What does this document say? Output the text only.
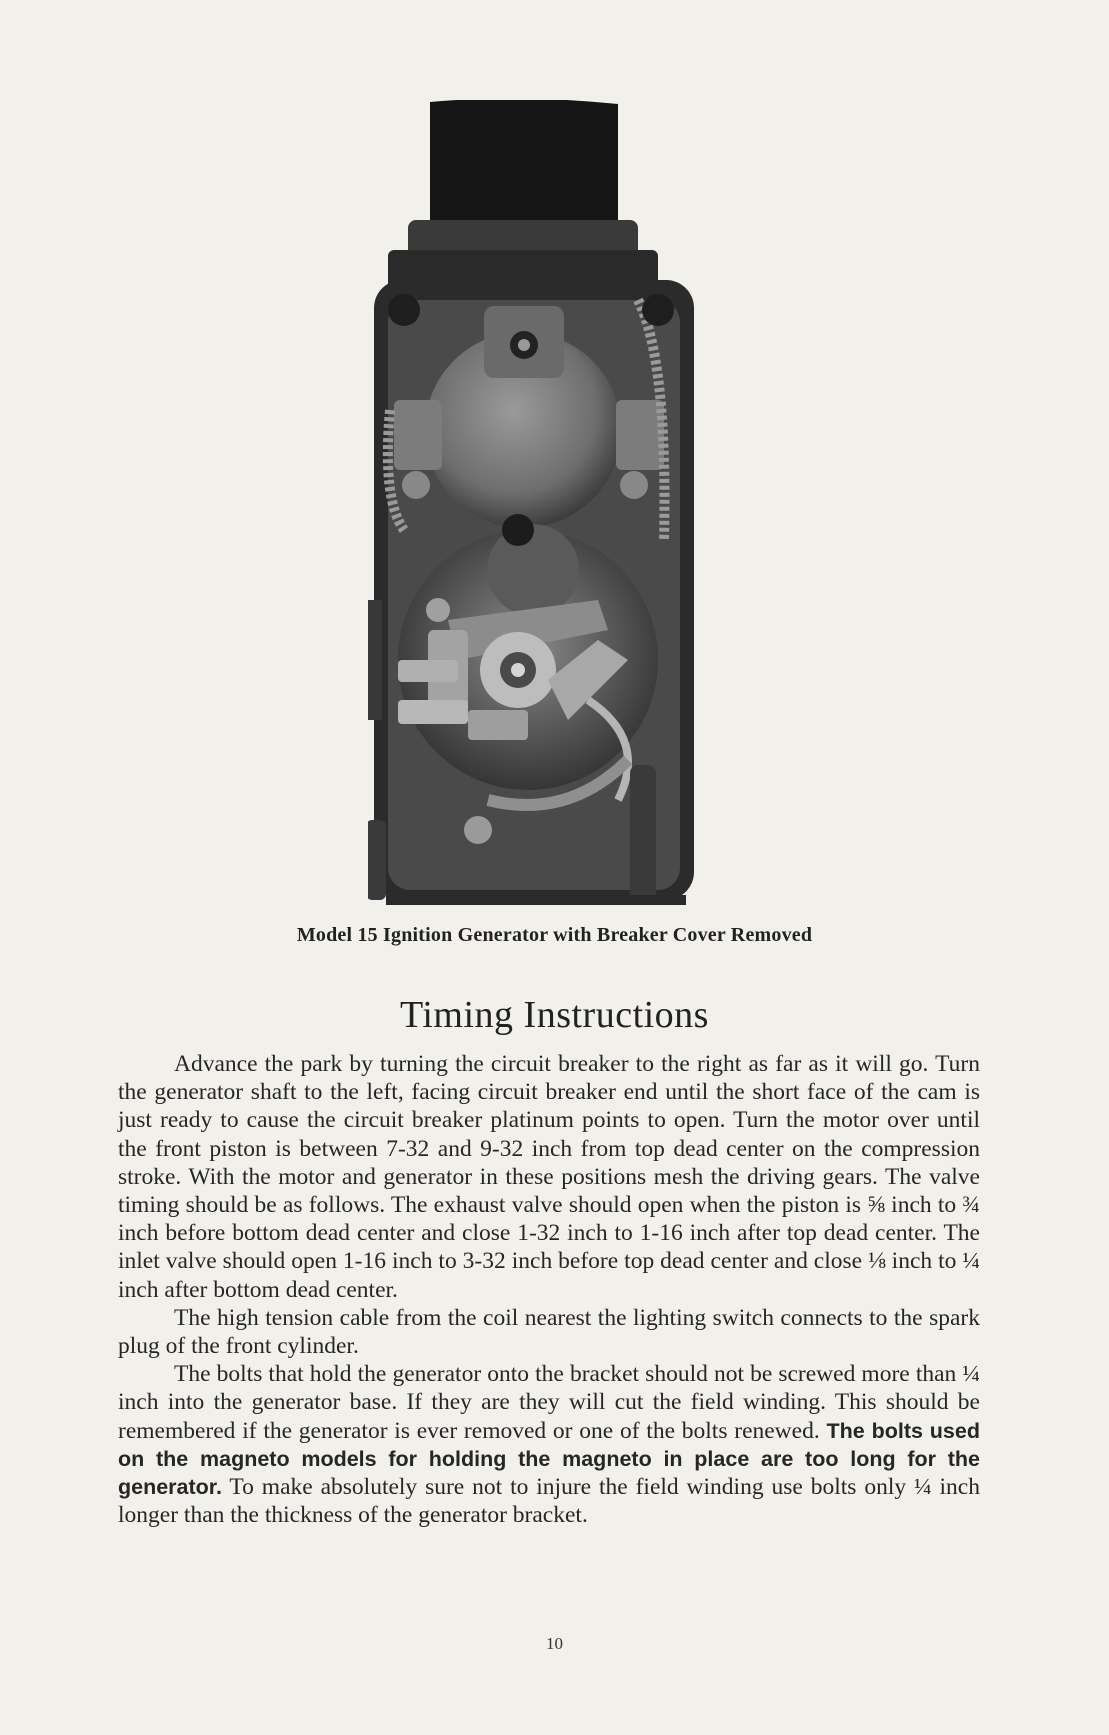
Model 15 Ignition Generator with Breaker Cover Removed
Timing Instructions

Advance the park by turning the circuit breaker to the right as far as it will go. Turn the generator shaft to the left, facing circuit breaker end until the short face of the cam is just ready to cause the circuit breaker platinum points to open. Turn the motor over until the front piston is between 7-32 and 9-32 inch from top dead center on the compression stroke. With the motor and generator in these positions mesh the driving gears. The valve timing should be as follows. The exhaust valve should open when the piston is ⅝ inch to ¾ inch before bottom dead center and close 1-32 inch to 1-16 inch after top dead center. The inlet valve should open 1-16 inch to 3-32 inch before top dead center and close ⅛ inch to ¼ inch after bottom dead center.

The high tension cable from the coil nearest the lighting switch connects to the spark plug of the front cylinder.

The bolts that hold the generator onto the bracket should not be screwed more than ¼ inch into the generator base. If they are they will cut the field winding. This should be remembered if the generator is ever removed or one of the bolts renewed. The bolts used on the magneto models for holding the magneto in place are too long for the generator. To make absolutely sure not to injure the field winding use bolts only ¼ inch longer than the thickness of the generator bracket.

10
